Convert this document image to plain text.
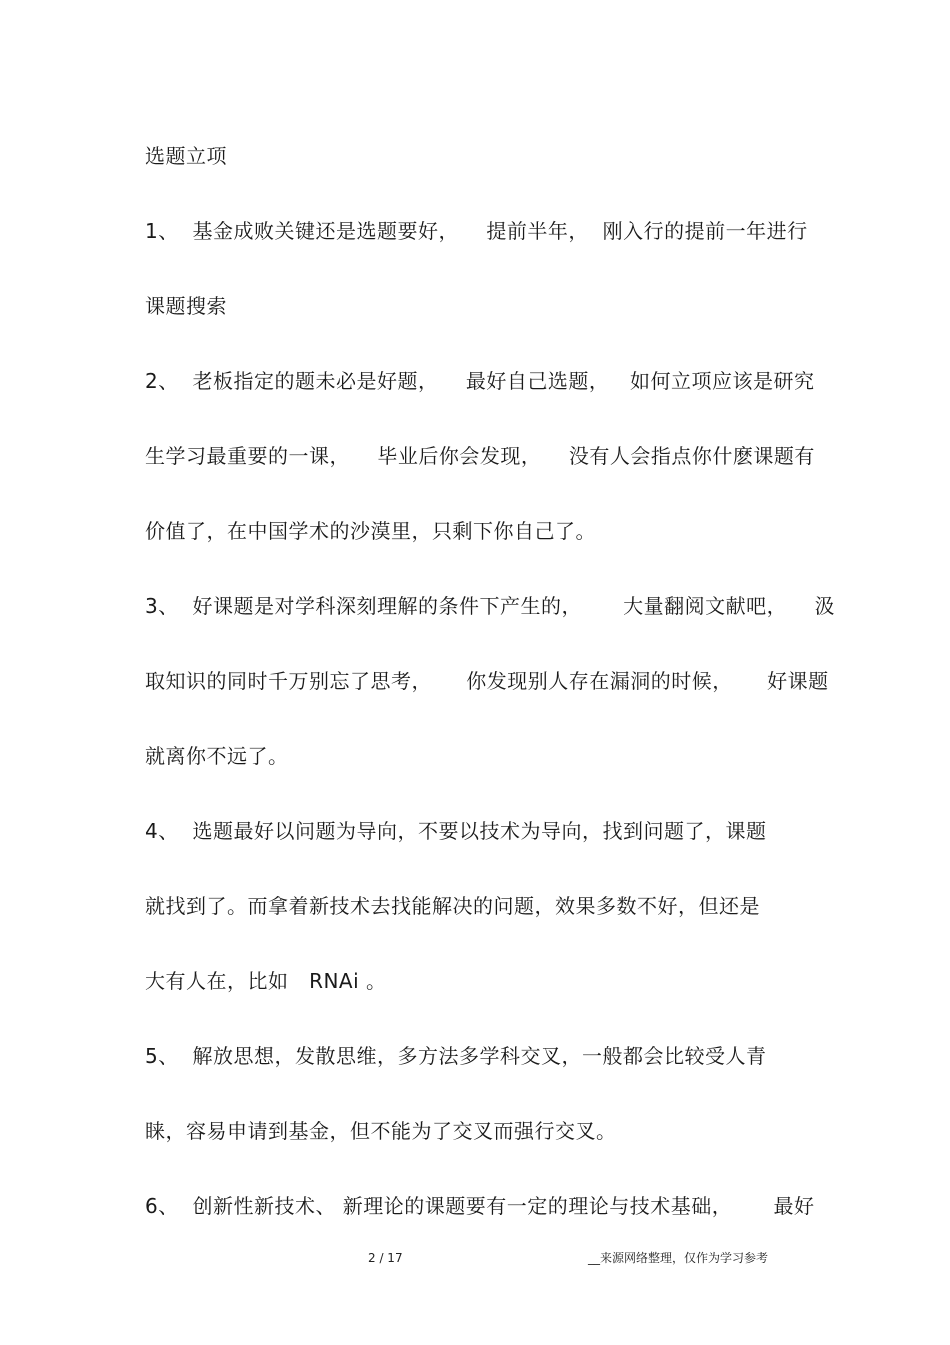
选题立项
1、  基金成败关键还是选题要好，    提前半年，  刚入行的提前一年进行
课题搜索
2、  老板指定的题未必是好题，    最好自己选题，   如何立项应该是研究
生学习最重要的一课，    毕业后你会发现，    没有人会指点你什麽课题有
价值了，在中国学术的沙漠里，只剩下你自己了。
3、  好课题是对学科深刻理解的条件下产生的，      大量翻阅文献吧，    汲
取知识的同时千万别忘了思考，     你发现别人存在漏洞的时候，     好课题
就离你不远了。
4、  选题最好以问题为导向，不要以技术为导向，找到问题了，课题
就找到了。而拿着新技术去找能解决的问题，效果多数不好，但还是
大有人在，比如   RNAi 。
5、  解放思想，发散思维，多方法多学科交叉，一般都会比较受人青
睐，容易申请到基金，但不能为了交叉而强行交叉。
6、  创新性新技术、 新理论的课题要有一定的理论与技术基础，      最好
2 / 17	__来源网络整理，仅作为学习参考
